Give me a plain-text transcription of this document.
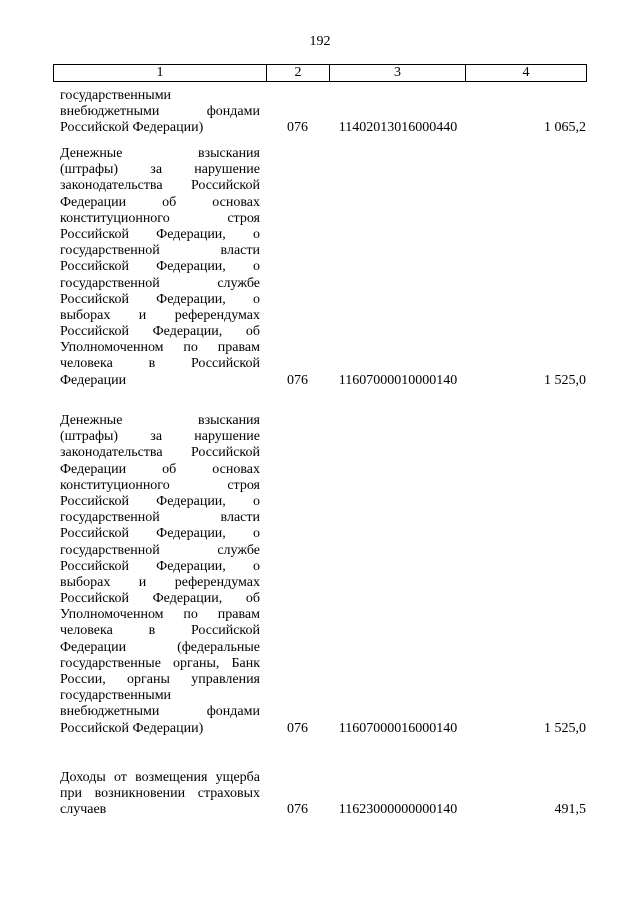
192
1	2	3	4
государственными
внебюджетными фондами
Российской Федерации)	076	11402013016000440	1 065,2
Денежные взыскания
(штрафы) за нарушение
законодательства Российской
Федерации об основах
конституционного строя
Российской Федерации, о
государственной власти
Российской Федерации, о
государственной службе
Российской Федерации, о
выборах и референдумах
Российской Федерации, об
Уполномоченном по правам
человека в Российской
Федерации	076	11607000010000140	1 525,0
Денежные взыскания
(штрафы) за нарушение
законодательства Российской
Федерации об основах
конституционного строя
Российской Федерации, о
государственной власти
Российской Федерации, о
государственной службе
Российской Федерации, о
выборах и референдумах
Российской Федерации, об
Уполномоченном по правам
человека в Российской
Федерации (федеральные
государственные органы, Банк
России, органы управления
государственными
внебюджетными фондами
Российской Федерации)	076	11607000016000140	1 525,0
Доходы от возмещения ущерба
при возникновении страховых
случаев	076	11623000000000140	491,5
